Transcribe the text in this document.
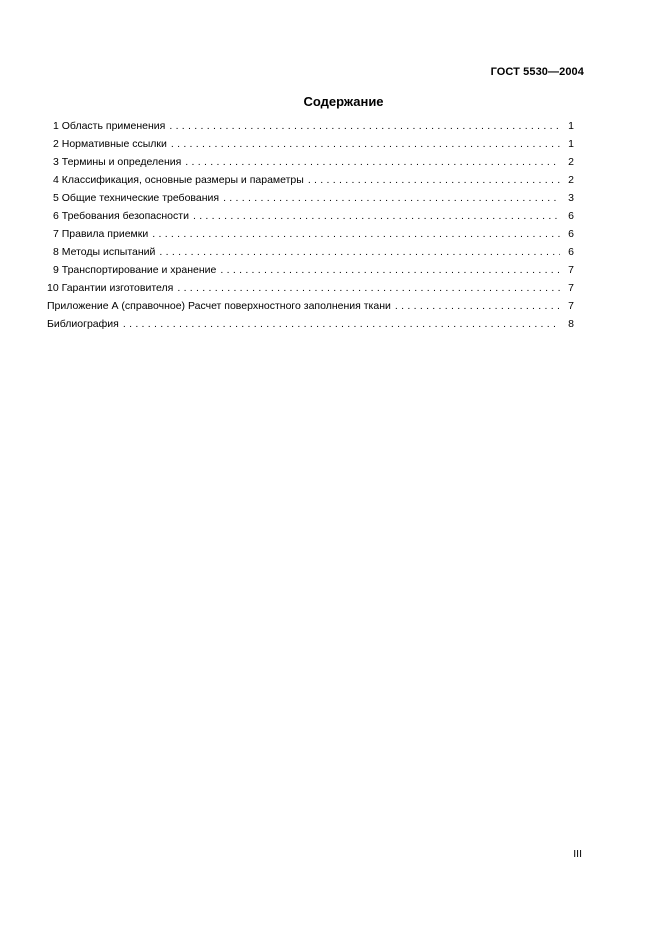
ГОСТ 5530—2004
Содержание
1 Область применения . . .	1
2 Нормативные ссылки . . .	1
3 Термины и определения . . .	2
4 Классификация, основные размеры и параметры . . .	2
5 Общие технические требования . . .	3
6 Требования безопасности . . .	6
7 Правила приемки . . .	6
8 Методы испытаний . . .	6
9 Транспортирование и хранение . . .	7
10 Гарантии изготовителя . . .	7
Приложение А (справочное) Расчет поверхностного заполнения ткани . . .	7
Библиография . . .	8
III
